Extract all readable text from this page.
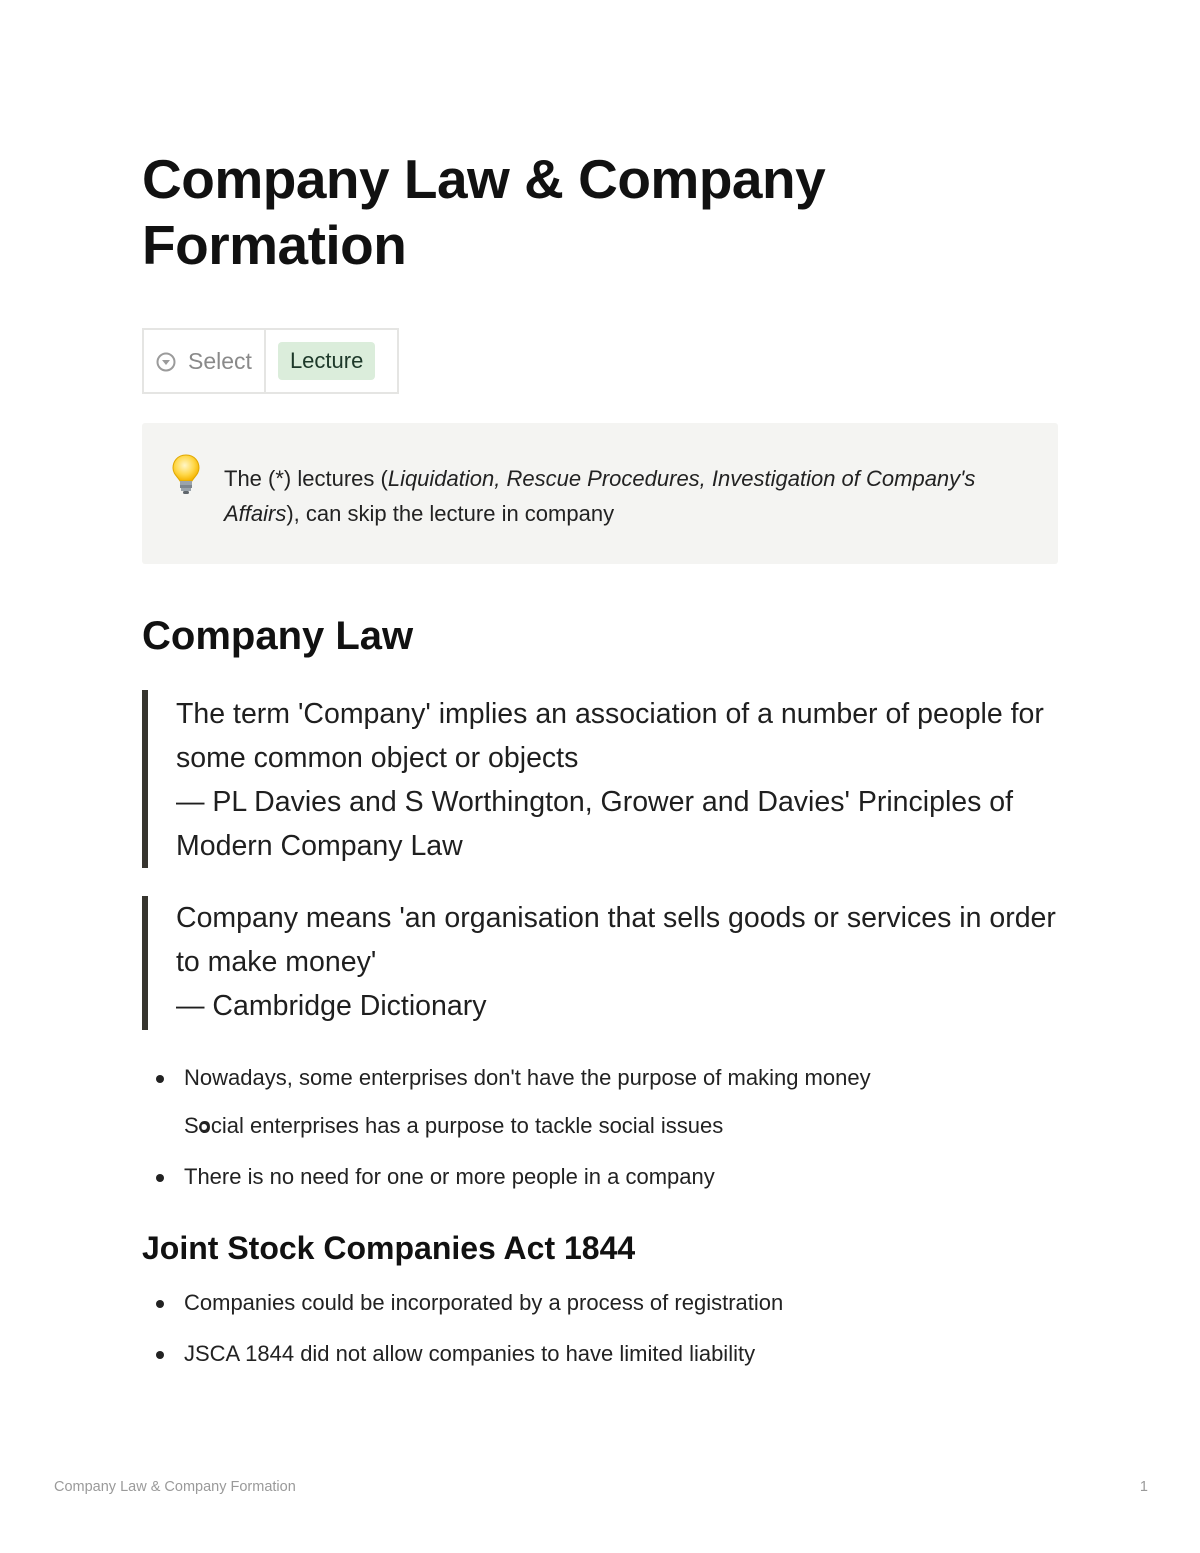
Company Law & Company Formation
Select	Lecture
The (*) lectures (Liquidation, Rescue Procedures, Investigation of Company's Affairs), can skip the lecture in company
Company Law

The term 'Company' implies an association of a number of people for some common object or objects

— PL Davies and S Worthington, Grower and Davies' Principles of Modern Company Law

Company means 'an organisation that sells goods or services in order to make money'

— Cambridge Dictionary

Nowadays, some enterprises don't have the purpose of making money
Social enterprises has a purpose to tackle social issues
There is no need for one or more people in a company
Joint Stock Companies Act 1844
Companies could be incorporated by a process of registration
JSCA 1844 did not allow companies to have limited liability
Company Law & Company Formation	1
